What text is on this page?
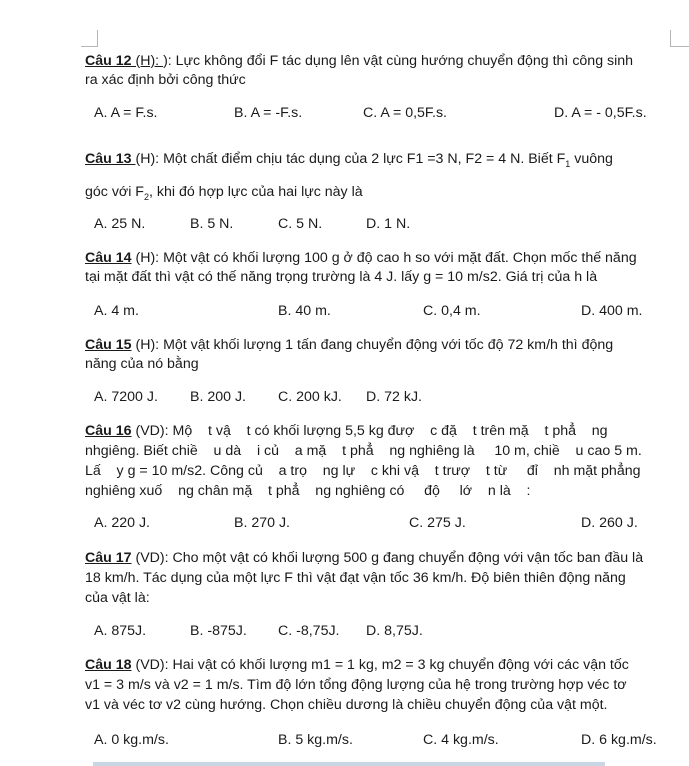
Câu 12 (H): ): Lực không đổi F tác dụng lên vật cùng hướng chuyển động thì công sinh
ra xác định bởi công thức
A. A = F.s.	B. A = -F.s.	C. A = 0,5F.s.	D. A = - 0,5F.s.
Câu 13 (H): Một chất điểm chịu tác dụng của 2 lực F1 =3 N, F2 = 4 N. Biết $F_1$ vuông
góc với $F_2$, khi đó hợp lực của hai lực này là
A. 25 N.	B. 5 N.	C. 5 N.	D. 1 N.
Câu 14 (H): Một vật có khối lượng 100 g ở độ cao h so với mặt đất. Chọn mốc thế năng
tại mặt đất thì vật có thế năng trọng trường là 4 J. lấy g = 10 m/s2. Giá trị của h là
A. 4 m.	B. 40 m.	C. 0,4 m.	D. 400 m.
Câu 15 (H): Một vật khối lượng 1 tấn đang chuyển động với tốc độ 72 km/h thì động
năng của nó bằng
A. 7200 J. B. 200 J. C. 200 kJ. D. 72 kJ.
Câu 16 (VD): Mộ    t vậ    t có khối lượng 5,5 kg đượ    c đặ    t trên mặ    t phẳ    ng
nhgiêng. Biết chiề    u dà    i củ    a mặ    t phẳ    ng nghiêng là     10 m, chiề    u cao 5 m.
Lấ    y g = 10 m/s2. Công củ    a trọ    ng lự    c khi vậ    t trượ    t từ     đỉ    nh mặt phẳng
nghiêng xuố    ng chân mặ    t phẳ    ng nghiêng có     độ     lớ    n là    :
A. 220 J.	B. 270 J.	C. 275 J.	D. 260 J.
Câu 17 (VD): Cho một vật có khối lượng 500 g đang chuyển động với vận tốc ban đầu là
18 km/h. Tác dụng của một lực F thì vật đạt vận tốc 36 km/h. Độ biên thiên động năng
của vật là:
A. 875J.	B. -875J. C. -8,75J. D. 8,75J.
Câu 18 (VD): Hai vật có khối lượng m1 = 1 kg, m2 = 3 kg chuyển động với các vận tốc
v1 = 3 m/s và v2 = 1 m/s. Tìm độ lớn tổng động lượng của hệ trong trường hợp véc tơ
v1 và véc tơ v2 cùng hướng. Chọn chiều dương là chiều chuyển động của vật một.
A. 0 kg.m/s.	B. 5 kg.m/s.	C. 4 kg.m/s.	D. 6 kg.m/s.
